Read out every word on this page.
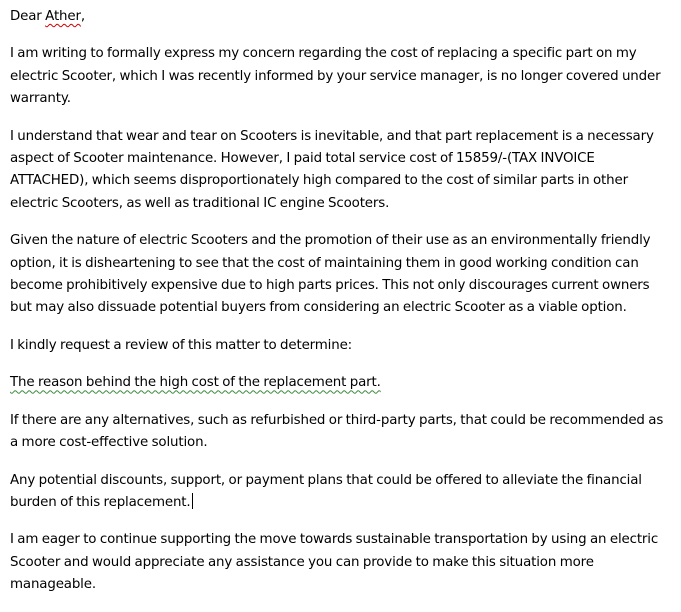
Dear Ather,

I am writing to formally express my concern regarding the cost of replacing a specific part on my electric Scooter, which I was recently informed by your service manager, is no longer covered under warranty.

I understand that wear and tear on Scooters is inevitable, and that part replacement is a necessary aspect of Scooter maintenance. However, I paid total service cost of 15859/-(TAX INVOICE ATTACHED), which seems disproportionately high compared to the cost of similar parts in other electric Scooters, as well as traditional IC engine Scooters.

Given the nature of electric Scooters and the promotion of their use as an environmentally friendly option, it is disheartening to see that the cost of maintaining them in good working condition can become prohibitively expensive due to high parts prices. This not only discourages current owners but may also dissuade potential buyers from considering an electric Scooter as a viable option.

I kindly request a review of this matter to determine:

The reason behind the high cost of the replacement part.

If there are any alternatives, such as refurbished or third-party parts, that could be recommended as a more cost-effective solution.

Any potential discounts, support, or payment plans that could be offered to alleviate the financial burden of this replacement.

I am eager to continue supporting the move towards sustainable transportation by using an electric Scooter and would appreciate any assistance you can provide to make this situation more manageable.
